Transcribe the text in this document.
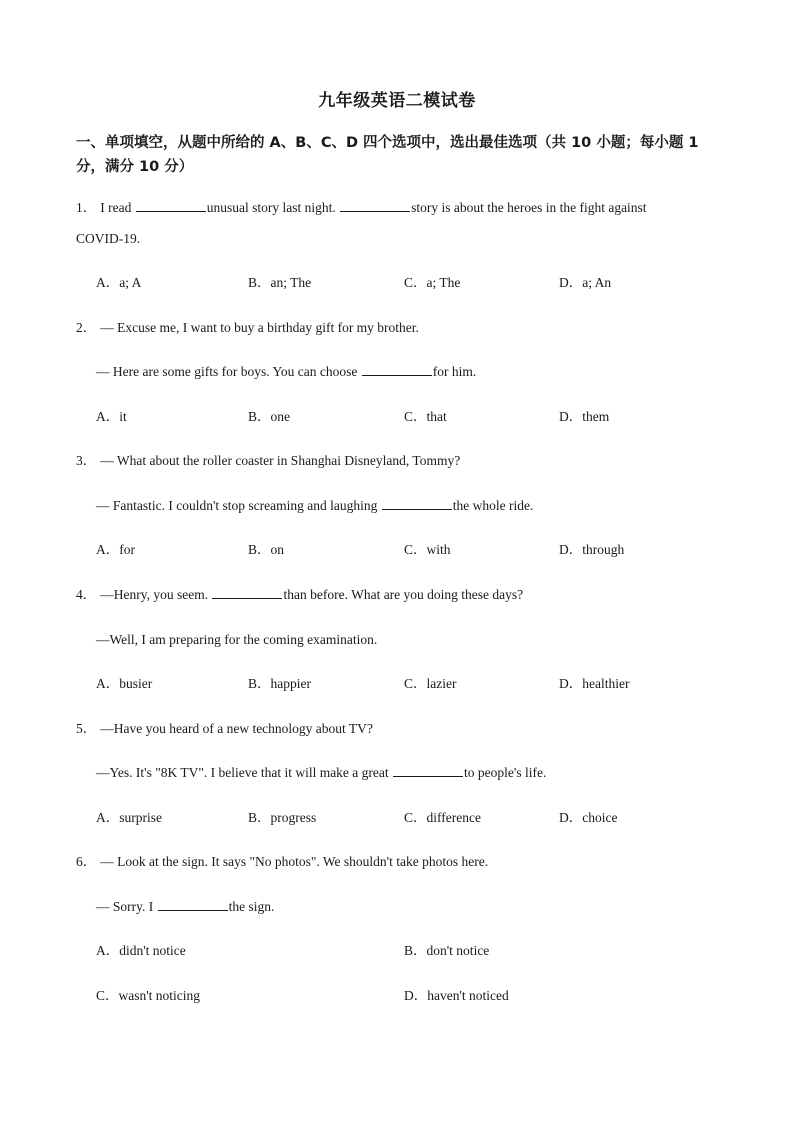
九年级英语二模试卷
一、单项填空，从题中所给的 A、B、C、D 四个选项中，选出最佳选项（共 10 小题；每小题 1 分，满分 10 分）
1． I read	unusual story last night.	story is about the heroes in the fight against
COVID-19.
A．a; A	B．an; The	C．a; The	D．a; An
2． — Excuse me, I want to buy a birthday gift for my brother.
— Here are some gifts for boys. You can choose	for him.
A．it	B．one	C．that	D．them
3． — What about the roller coaster in Shanghai Disneyland, Tommy?
— Fantastic. I couldn't stop screaming and laughing	the whole ride.
A．for	B．on	C．with	D．through
4． —Henry, you seem.	than before. What are you doing these days?
—Well, I am preparing for the coming examination.
A．busier	B．happier	C．lazier	D．healthier
5． —Have you heard of a new technology about TV?
—Yes. It's "8K TV". I believe that it will make a great	to people's life.
A．surprise	B．progress	C．difference	D．choice
6． — Look at the sign. It says "No photos". We shouldn't take photos here.
— Sorry. I	the sign.
A．didn't notice	B．don't notice
C．wasn't noticing	D．haven't noticed
